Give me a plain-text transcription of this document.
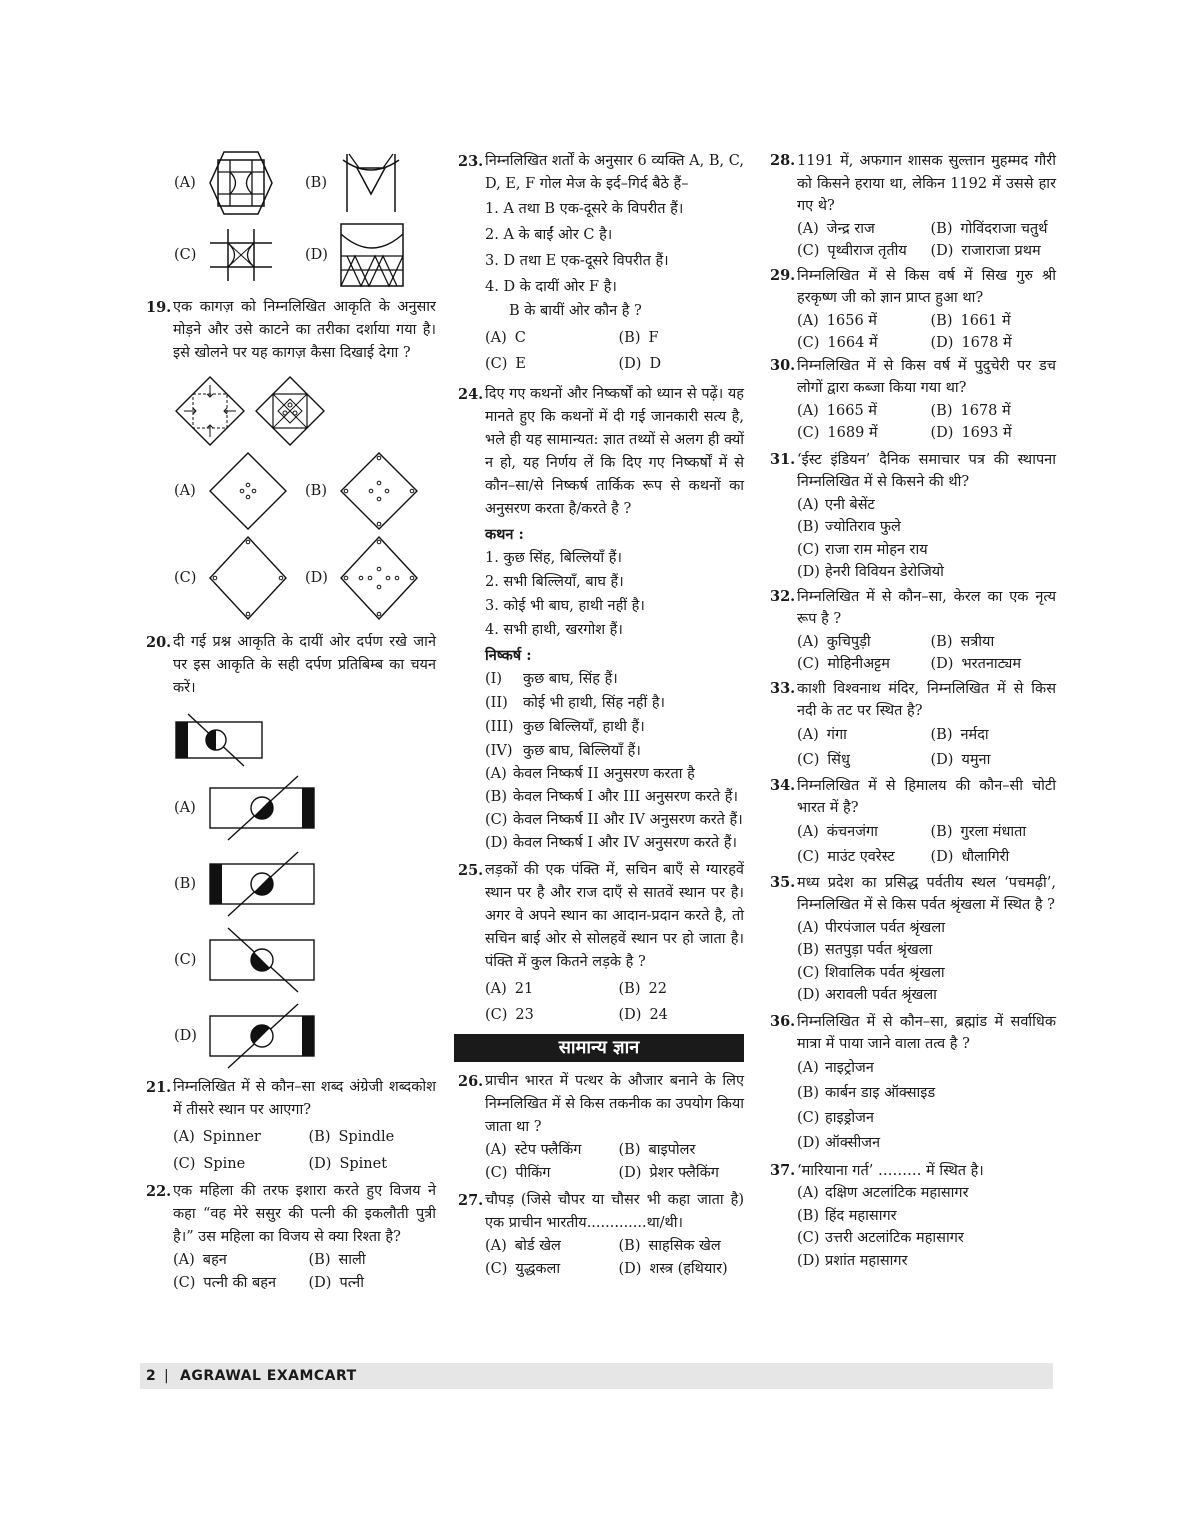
(A)	(B)
(C)	(D)
19. एक कागज़ को निम्नलिखित आकृति के अनुसार मोड़ने और उसे काटने का तरीका दर्शाया गया है। इसे खोलने पर यह कागज़ कैसा दिखाई देगा ?
(A)	(B)
(C)	(D)
20. दी गई प्रश्न आकृति के दायीं ओर दर्पण रखे जाने पर इस आकृति के सही दर्पण प्रतिबिम्ब का चयन करें।
(A)
(B)
(C)
(D)
21. निम्नलिखित में से कौन–सा शब्द अंग्रेजी शब्दकोश में तीसरे स्थान पर आएगा?
(A) Spinner	(B) Spindle
(C) Spine	(D) Spinet
22. एक महिला की तरफ इशारा करते हुए विजय ने कहा “वह मेरे ससुर की पत्नी की इकलौती पुत्री है।” उस महिला का विजय से क्या रिश्ता है?
(A) बहन	(B) साली
(C) पत्नी की बहन (D) पत्नी
23. निम्नलिखित शर्तों के अनुसार 6 व्यक्ति A, B, C, D, E, F गोल मेज के इर्द–गिर्द बैठे हैं–
1. A तथा B एक-दूसरे के विपरीत हैं।
2. A के बाईं ओर C है।
3. D तथा E एक-दूसरे विपरीत हैं।
4. D के दायीं ओर F है।
B के बायीं ओर कौन है ?
(A) C	(B) F
(C) E	(D) D
24. दिए गए कथनों और निष्कर्षों को ध्यान से पढ़ें। यह मानते हुए कि कथनों में दी गई जानकारी सत्य है, भले ही यह सामान्यत: ज्ञात तथ्यों से अलग ही क्यों न हो, यह निर्णय लें कि दिए गए निष्कर्षों में से कौन–सा/से निष्कर्ष तार्किक रूप से कथनों का अनुसरण करता है/करते है ?
कथन :
1. कुछ सिंह, बिल्लियाँ हैं।
2. सभी बिल्लियाँ, बाघ हैं।
3. कोई भी बाघ, हाथी नहीं है।
4. सभी हाथी, खरगोश हैं।
निष्कर्ष :
(I)	कुछ बाघ, सिंह हैं।
(II)	कोई भी हाथी, सिंह नहीं है।
(III) कुछ बिल्लियाँ, हाथी हैं।
(IV) कुछ बाघ, बिल्लियाँ हैं।
(A) केवल निष्कर्ष II अनुसरण करता है
(B) केवल निष्कर्ष I और III अनुसरण करते हैं।
(C) केवल निष्कर्ष II और IV अनुसरण करते हैं।
(D) केवल निष्कर्ष I और IV अनुसरण करते हैं।
25. लड़कों की एक पंक्ति में, सचिन बाएँ से ग्यारहवें स्थान पर है और राज दाएँ से सातवें स्थान पर है। अगर वे अपने स्थान का आदान-प्रदान करते है, तो सचिन बाई ओर से सोलहवें स्थान पर हो जाता है। पंक्ति में कुल कितने लड़के है ?
(A) 21	(B) 22
(C) 23	(D) 24
सामान्य ज्ञान
26. प्राचीन भारत में पत्थर के औजार बनाने के लिए निम्नलिखित में से किस तकनीक का उपयोग किया जाता था ?
(A) स्टेप फ्लैकिंग	(B) बाइपोलर
(C) पीकिंग	(D) प्रेशर फ्लैकिंग
27. चौपड़ (जिसे चौपर या चौसर भी कहा जाता है) एक प्राचीन भारतीय.............था/थी।
(A) बोर्ड खेल	(B) साहसिक खेल
(C) युद्धकला	(D) शस्त्र (हथियार)
28. 1191 में, अफगान शासक सुल्तान मुहम्मद गौरी को किसने हराया था, लेकिन 1192 में उससे हार गए थे?
(A) जेन्द्र राज	(B) गोविंदराजा चतुर्थ
(C) पृथ्वीराज तृतीय (D) राजाराजा प्रथम
29. निम्नलिखित में से किस वर्ष में सिख गुरु श्री हरकृष्ण जी को ज्ञान प्राप्त हुआ था?
(A) 1656 में	(B) 1661 में
(C) 1664 में	(D) 1678 में
30. निम्नलिखित में से किस वर्ष में पुदुचेरी पर डच लोगों द्वारा कब्जा किया गया था?
(A) 1665 में	(B) 1678 में
(C) 1689 में	(D) 1693 में
31. ‘ईस्ट इंडियन’ दैनिक समाचार पत्र की स्थापना निम्नलिखित में से किसने की थी?
(A) एनी बेसेंट
(B) ज्योतिराव फुले
(C) राजा राम मोहन राय
(D) हेनरी विवियन डेरोजियो
32. निम्नलिखित में से कौन–सा, केरल का एक नृत्य रूप है ?
(A) कुचिपुड़ी	(B) सत्रीया
(C) मोहिनीअट्टम	(D) भरतनाट्यम
33. काशी विश्वनाथ मंदिर, निम्नलिखित में से किस नदी के तट पर स्थित है?
(A) गंगा	(B) नर्मदा
(C) सिंधु	(D) यमुना
34. निम्नलिखित में से हिमालय की कौन–सी चोटी भारत में है?
(A) कंचनजंगा	(B) गुरला मंधाता
(C) माउंट एवरेस्ट (D) धौलागिरी
35. मध्य प्रदेश का प्रसिद्ध पर्वतीय स्थल ‘पचमढ़ी’, निम्नलिखित में से किस पर्वत श्रृंखला में स्थित है ?
(A) पीरपंजाल पर्वत श्रृंखला
(B) सतपुड़ा पर्वत श्रृंखला
(C) शिवालिक पर्वत श्रृंखला
(D) अरावली पर्वत श्रृंखला
36. निम्नलिखित में से कौन–सा, ब्रह्मांड में सर्वाधिक मात्रा में पाया जाने वाला तत्व है ?
(A) नाइट्रोजन
(B) कार्बन डाइ ऑक्साइड
(C) हाइड्रोजन
(D) ऑक्सीजन
37. ‘मारियाना गर्त’ ……… में स्थित है।
(A) दक्षिण अटलांटिक महासागर
(B) हिंद महासागर
(C) उत्तरी अटलांटिक महासागर
(D) प्रशांत महासागर
2 | AGRAWAL EXAMCART
